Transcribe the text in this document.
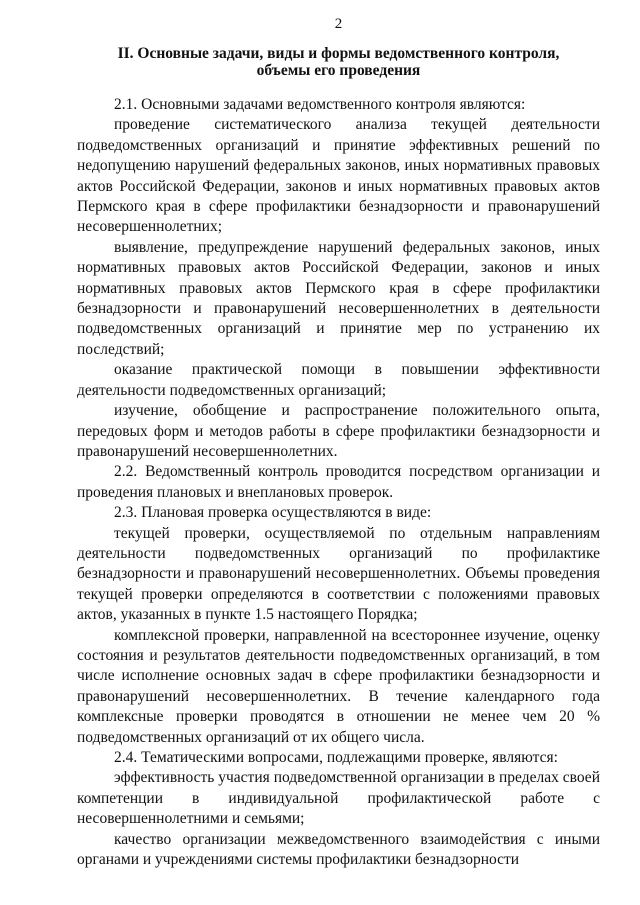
2
II. Основные задачи, виды и формы ведомственного контроля,
объемы его проведения

2.1. Основными задачами ведомственного контроля являются:

проведение систематического анализа текущей деятельности подведомственных организаций и принятие эффективных решений по недопущению нарушений федеральных законов, иных нормативных правовых актов Российской Федерации, законов и иных нормативных правовых актов Пермского края в сфере профилактики безнадзорности и правонарушений несовершеннолетних;

выявление, предупреждение нарушений федеральных законов, иных нормативных правовых актов Российской Федерации, законов и иных нормативных правовых актов Пермского края в сфере профилактики безнадзорности и правонарушений несовершеннолетних в деятельности подведомственных организаций и принятие мер по устранению их последствий;

оказание практической помощи в повышении эффективности деятельности подведомственных организаций;

изучение, обобщение и распространение положительного опыта, передовых форм и методов работы в сфере профилактики безнадзорности и правонарушений несовершеннолетних.

2.2. Ведомственный контроль проводится посредством организации и проведения плановых и внеплановых проверок.

2.3. Плановая проверка осуществляются в виде:

текущей проверки, осуществляемой по отдельным направлениям деятельности подведомственных организаций по профилактике безнадзорности и правонарушений несовершеннолетних. Объемы проведения текущей проверки определяются в соответствии с положениями правовых актов, указанных в пункте 1.5 настоящего Порядка;

комплексной проверки, направленной на всестороннее изучение, оценку состояния и результатов деятельности подведомственных организаций, в том числе исполнение основных задач в сфере профилактики безнадзорности и правонарушений несовершеннолетних. В течение календарного года комплексные проверки проводятся в отношении не менее чем 20 % подведомственных организаций от их общего числа.

2.4. Тематическими вопросами, подлежащими проверке, являются:

эффективность участия подведомственной организации в пределах своей компетенции в индивидуальной профилактической работе с несовершеннолетними и семьями;

качество организации межведомственного взаимодействия с иными органами и учреждениями системы профилактики безнадзорности
